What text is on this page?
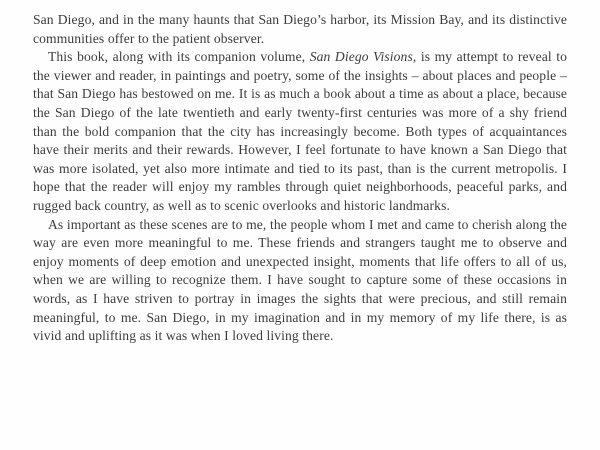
San Diego, and in the many haunts that San Diego’s harbor, its Mission Bay, and its distinctive communities offer to the patient observer.

This book, along with its companion volume, San Diego Visions, is my attempt to reveal to the viewer and reader, in paintings and poetry, some of the insights – about places and people – that San Diego has bestowed on me. It is as much a book about a time as about a place, because the San Diego of the late twentieth and early twenty-first centuries was more of a shy friend than the bold companion that the city has increasingly become. Both types of acquaintances have their merits and their rewards. However, I feel fortunate to have known a San Diego that was more isolated, yet also more intimate and tied to its past, than is the current metropolis. I hope that the reader will enjoy my rambles through quiet neighborhoods, peaceful parks, and rugged back country, as well as to scenic overlooks and historic landmarks.

As important as these scenes are to me, the people whom I met and came to cherish along the way are even more meaningful to me. These friends and strangers taught me to observe and enjoy moments of deep emotion and unexpected insight, moments that life offers to all of us, when we are willing to recognize them. I have sought to capture some of these occasions in words, as I have striven to portray in images the sights that were precious, and still remain meaningful, to me. San Diego, in my imagination and in my memory of my life there, is as vivid and uplifting as it was when I loved living there.
